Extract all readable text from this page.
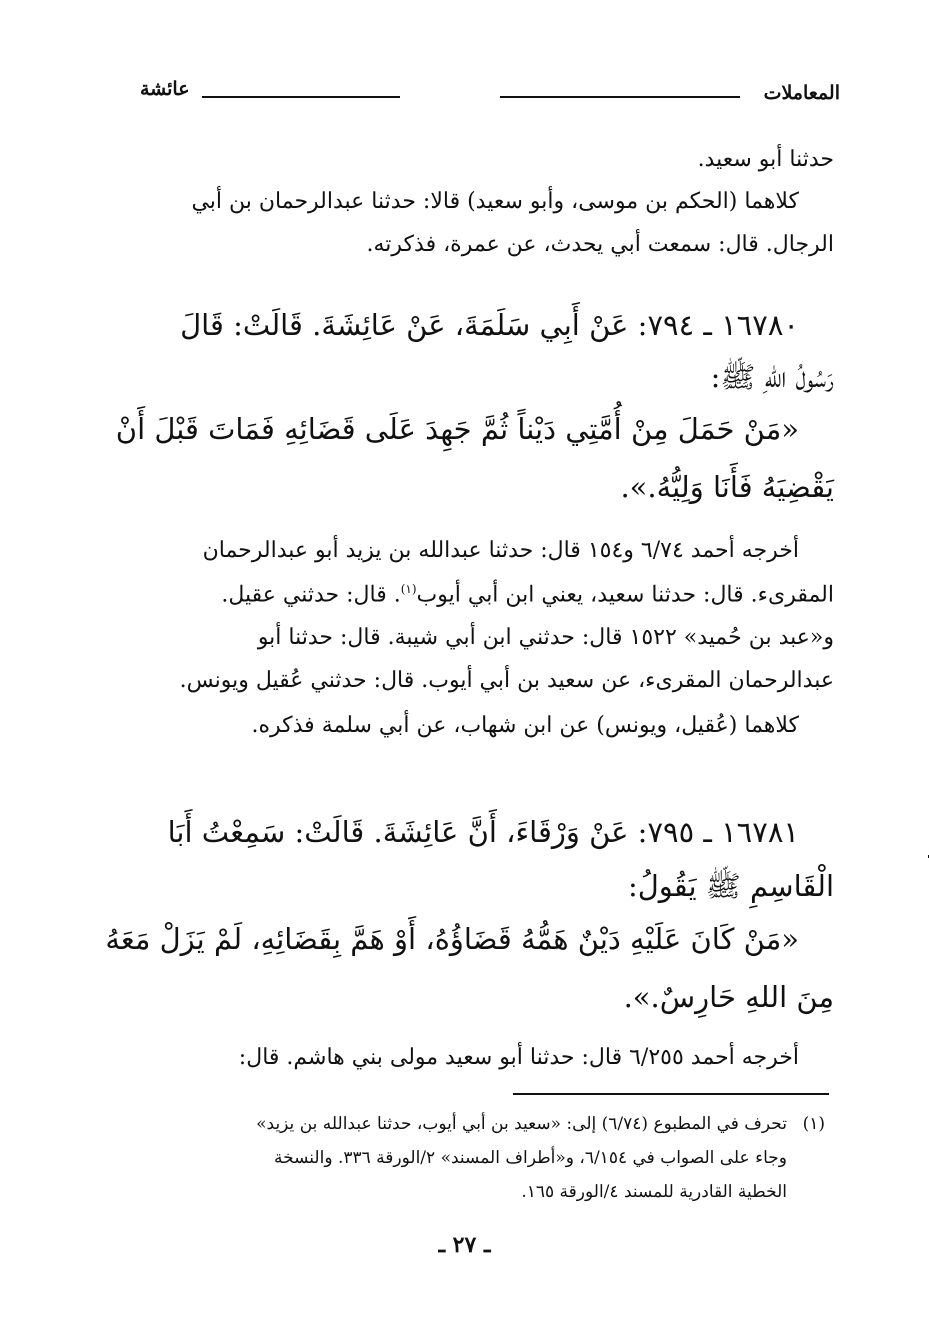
المعاملات
عائشة
حدثنا أبو سعيد.
كلاهما (الحكم بن موسى، وأبو سعيد) قالا: حدثنا عبدالرحمان بن أبي
الرجال. قال: سمعت أبي يحدث، عن عمرة، فذكرته.
١٦٧٨٠ ـ ٧٩٤: عَنْ أَبِي سَلَمَةَ، عَنْ عَائِشَةَ. قَالَتْ: قَالَ
رَسُولُ اللهِ ﷺ:
«مَنْ حَمَلَ مِنْ أُمَّتِي دَيْناً ثُمَّ جَهِدَ عَلَى قَضَائِهِ فَمَاتَ قَبْلَ أَنْ
يَقْضِيَهُ فَأَنَا وَلِيُّهُ.».
أخرجه أحمد ٦/٧٤ و١٥٤ قال: حدثنا عبدالله بن يزيد أبو عبدالرحمان
المقرىء. قال: حدثنا سعيد، يعني ابن أبي أيوب$^{(١)}$. قال: حدثني عقيل.
و«عبد بن حُميد» ١٥٢٢ قال: حدثني ابن أبي شيبة. قال: حدثنا أبو
عبدالرحمان المقرىء، عن سعيد بن أبي أيوب. قال: حدثني عُقيل ويونس.
كلاهما (عُقيل، ويونس) عن ابن شهاب، عن أبي سلمة فذكره.
١٦٧٨١ ـ ٧٩٥: عَنْ وَرْقَاءَ، أَنَّ عَائِشَةَ. قَالَتْ: سَمِعْتُ أَبَا
الْقَاسِمِ ﷺ يَقُولُ:
«مَنْ كَانَ عَلَيْهِ دَيْنٌ هَمُّهُ قَضَاؤُهُ، أَوْ هَمَّ بِقَضَائِهِ، لَمْ يَزَلْ مَعَهُ
مِنَ اللهِ حَارِسٌ.».
أخرجه أحمد ٦/٢٥٥ قال: حدثنا أبو سعيد مولى بني هاشم. قال:
(١)
تحرف في المطبوع (٦/٧٤) إلى: «سعيد بن أبي أيوب، حدثنا عبدالله بن يزيد»
وجاء على الصواب في ٦/١٥٤، و«أطراف المسند» ٢/الورقة ٣٣٦. والنسخة
الخطية القادرية للمسند ٤/الورقة ١٦٥.
ـ ٢٧ ـ
